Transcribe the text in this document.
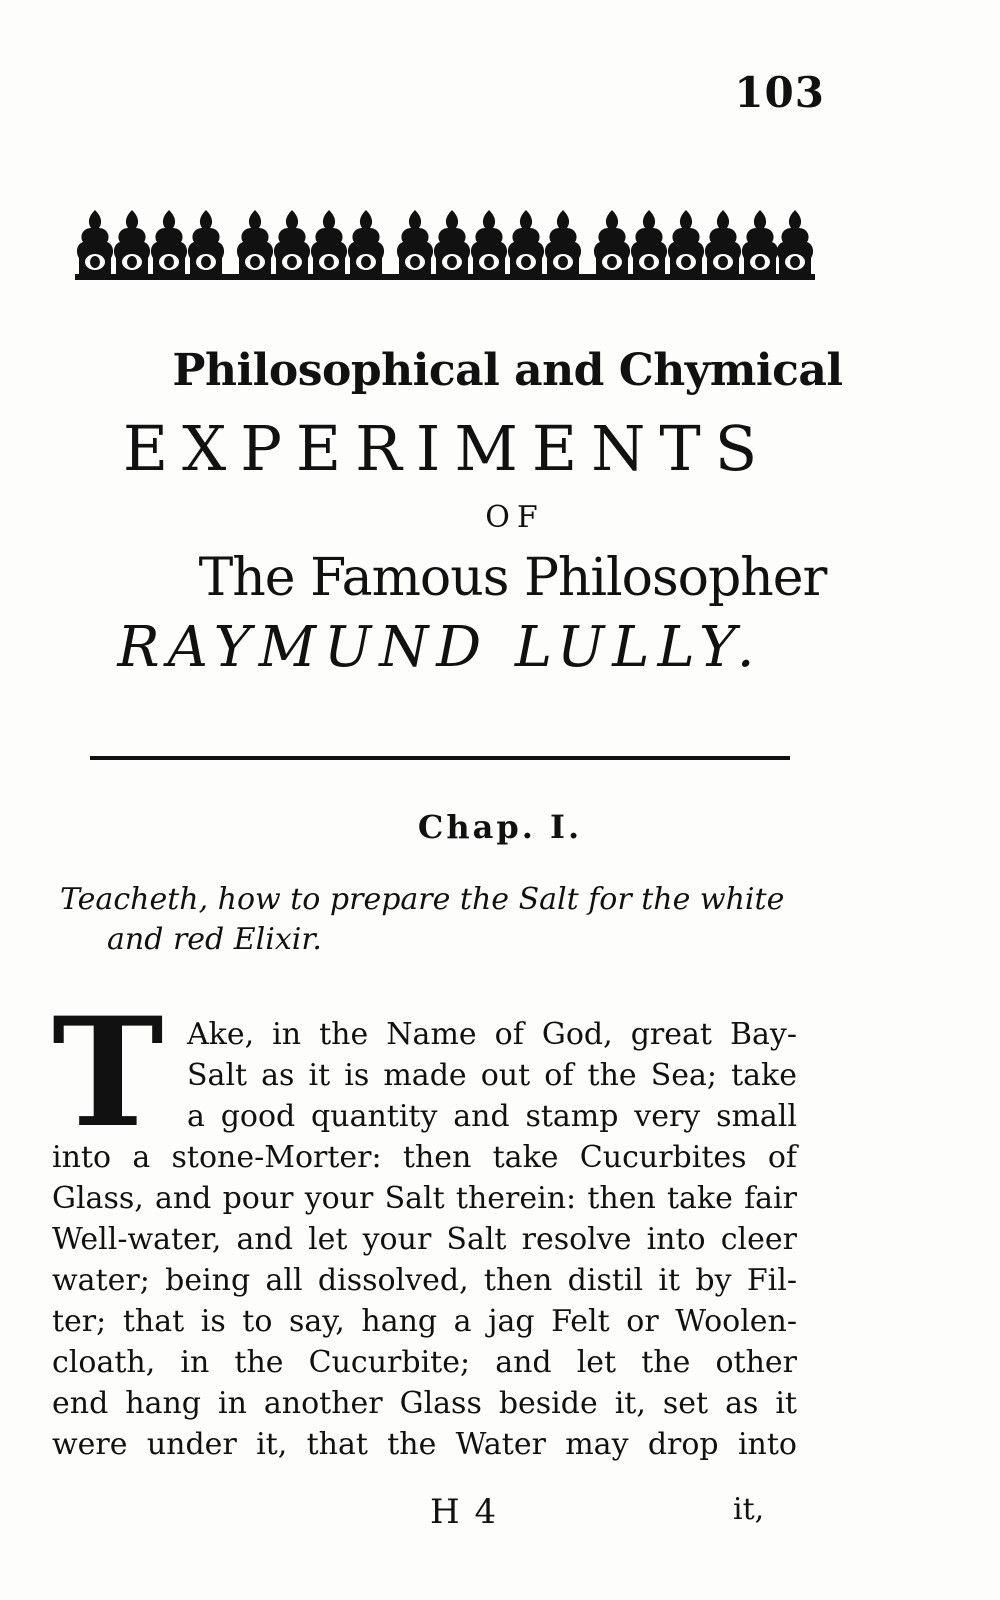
103
Philosophical and Chymical
EXPERIMENTS
OF
The Famous Philosopher
RAYMUND LULLY.
Chap. I.
Teacheth, how to prepare the Salt for the white
and red Elixir.
T Ake, in the Name of God, great Bay-
Salt as it is made out of the Sea; take
a good quantity and stamp very small
into a stone-Morter: then take Cucurbites of
Glass, and pour your Salt therein: then take fair
Well-water, and let your Salt resolve into cleer
water; being all dissolved, then distil it by Fil-
ter; that is to say, hang a jag Felt or Woolen-
cloath, in the Cucurbite; and let the other
end hang in another Glass beside it, set as it
were under it, that the Water may drop into
H 4	it,
